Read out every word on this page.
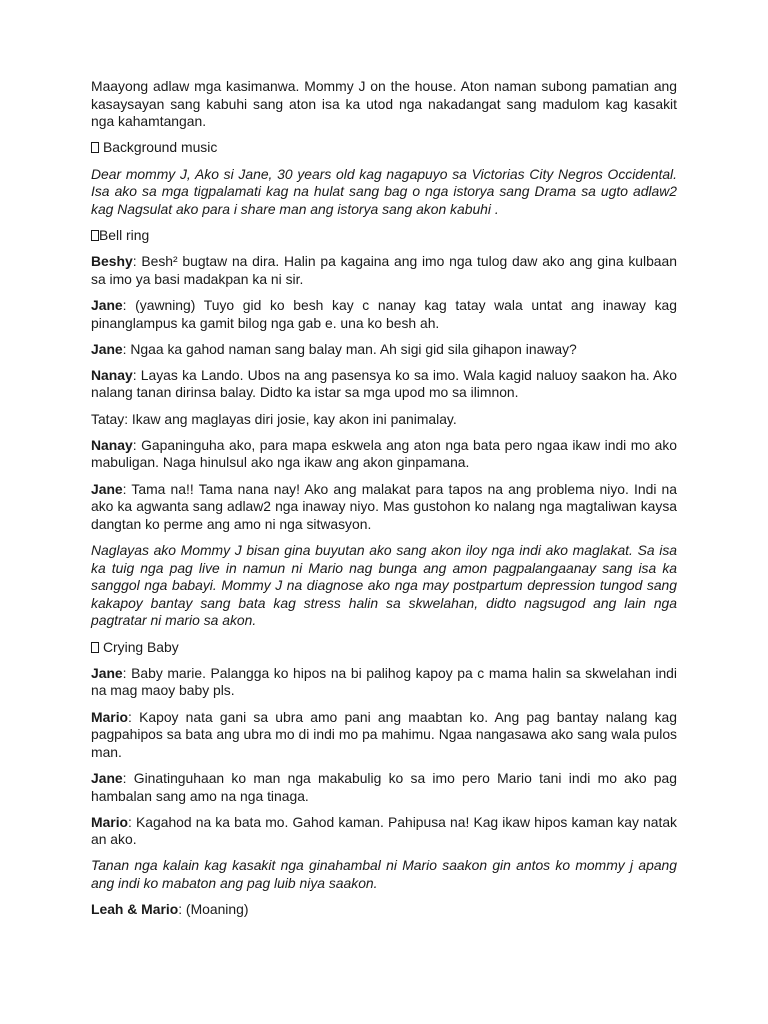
Maayong adlaw mga kasimanwa. Mommy J on the house. Aton naman subong pamatian ang kasaysayan sang kabuhi sang aton isa ka utod nga nakadangat sang madulom kag kasakit nga kahamtangan.

Background music

Dear mommy J, Ako si Jane, 30 years old kag nagapuyo sa Victorias City Negros Occidental. Isa ako sa mga tigpalamati kag na hulat sang bag o nga istorya sang Drama sa ugto adlaw2 kag Nagsulat ako para i share man ang istorya sang akon kabuhi .

Bell ring

Beshy: Besh² bugtaw na dira. Halin pa kagaina ang imo nga tulog daw ako ang gina kulbaan sa imo ya basi madakpan ka ni sir.

Jane: (yawning) Tuyo gid ko besh kay c nanay kag tatay wala untat ang inaway kag pinanglampus ka gamit bilog nga gab e. una ko besh ah.

Jane: Ngaa ka gahod naman sang balay man. Ah sigi gid sila gihapon inaway?

Nanay: Layas ka Lando. Ubos na ang pasensya ko sa imo. Wala kagid naluoy saakon ha. Ako nalang tanan dirinsa balay. Didto ka istar sa mga upod mo sa ilimnon.

Tatay: Ikaw ang maglayas diri josie, kay akon ini panimalay.

Nanay: Gapaninguha ako, para mapa eskwela ang aton nga bata pero ngaa ikaw indi mo ako mabuligan. Naga hinulsul ako nga ikaw ang akon ginpamana.

Jane: Tama na!! Tama nana nay! Ako ang malakat para tapos na ang problema niyo. Indi na ako ka agwanta sang adlaw2 nga inaway niyo. Mas gustohon ko nalang nga magtaliwan kaysa dangtan ko perme ang amo ni nga sitwasyon.

Naglayas ako Mommy J bisan gina buyutan ako sang akon iloy nga indi ako maglakat. Sa isa ka tuig nga pag live in namun ni Mario nag bunga ang amon pagpalangaanay sang isa ka sanggol nga babayi. Mommy J na diagnose ako nga may postpartum depression tungod sang kakapoy bantay sang bata kag stress halin sa skwelahan, didto nagsugod ang lain nga pagtratar ni mario sa akon.

Crying Baby

Jane: Baby marie. Palangga ko hipos na bi palihog kapoy pa c mama halin sa skwelahan indi na mag maoy baby pls.

Mario: Kapoy nata gani sa ubra amo pani ang maabtan ko. Ang pag bantay nalang kag pagpahipos sa bata ang ubra mo di indi mo pa mahimu. Ngaa nangasawa ako sang wala pulos man.

Jane: Ginatinguhaan ko man nga makabulig ko sa imo pero Mario tani indi mo ako pag hambalan sang amo na nga tinaga.

Mario: Kagahod na ka bata mo. Gahod kaman. Pahipusa na! Kag ikaw hipos kaman kay natak an ako.

Tanan nga kalain kag kasakit nga ginahambal ni Mario saakon gin antos ko mommy j apang ang indi ko mabaton ang pag luib niya saakon.

Leah & Mario: (Moaning)
